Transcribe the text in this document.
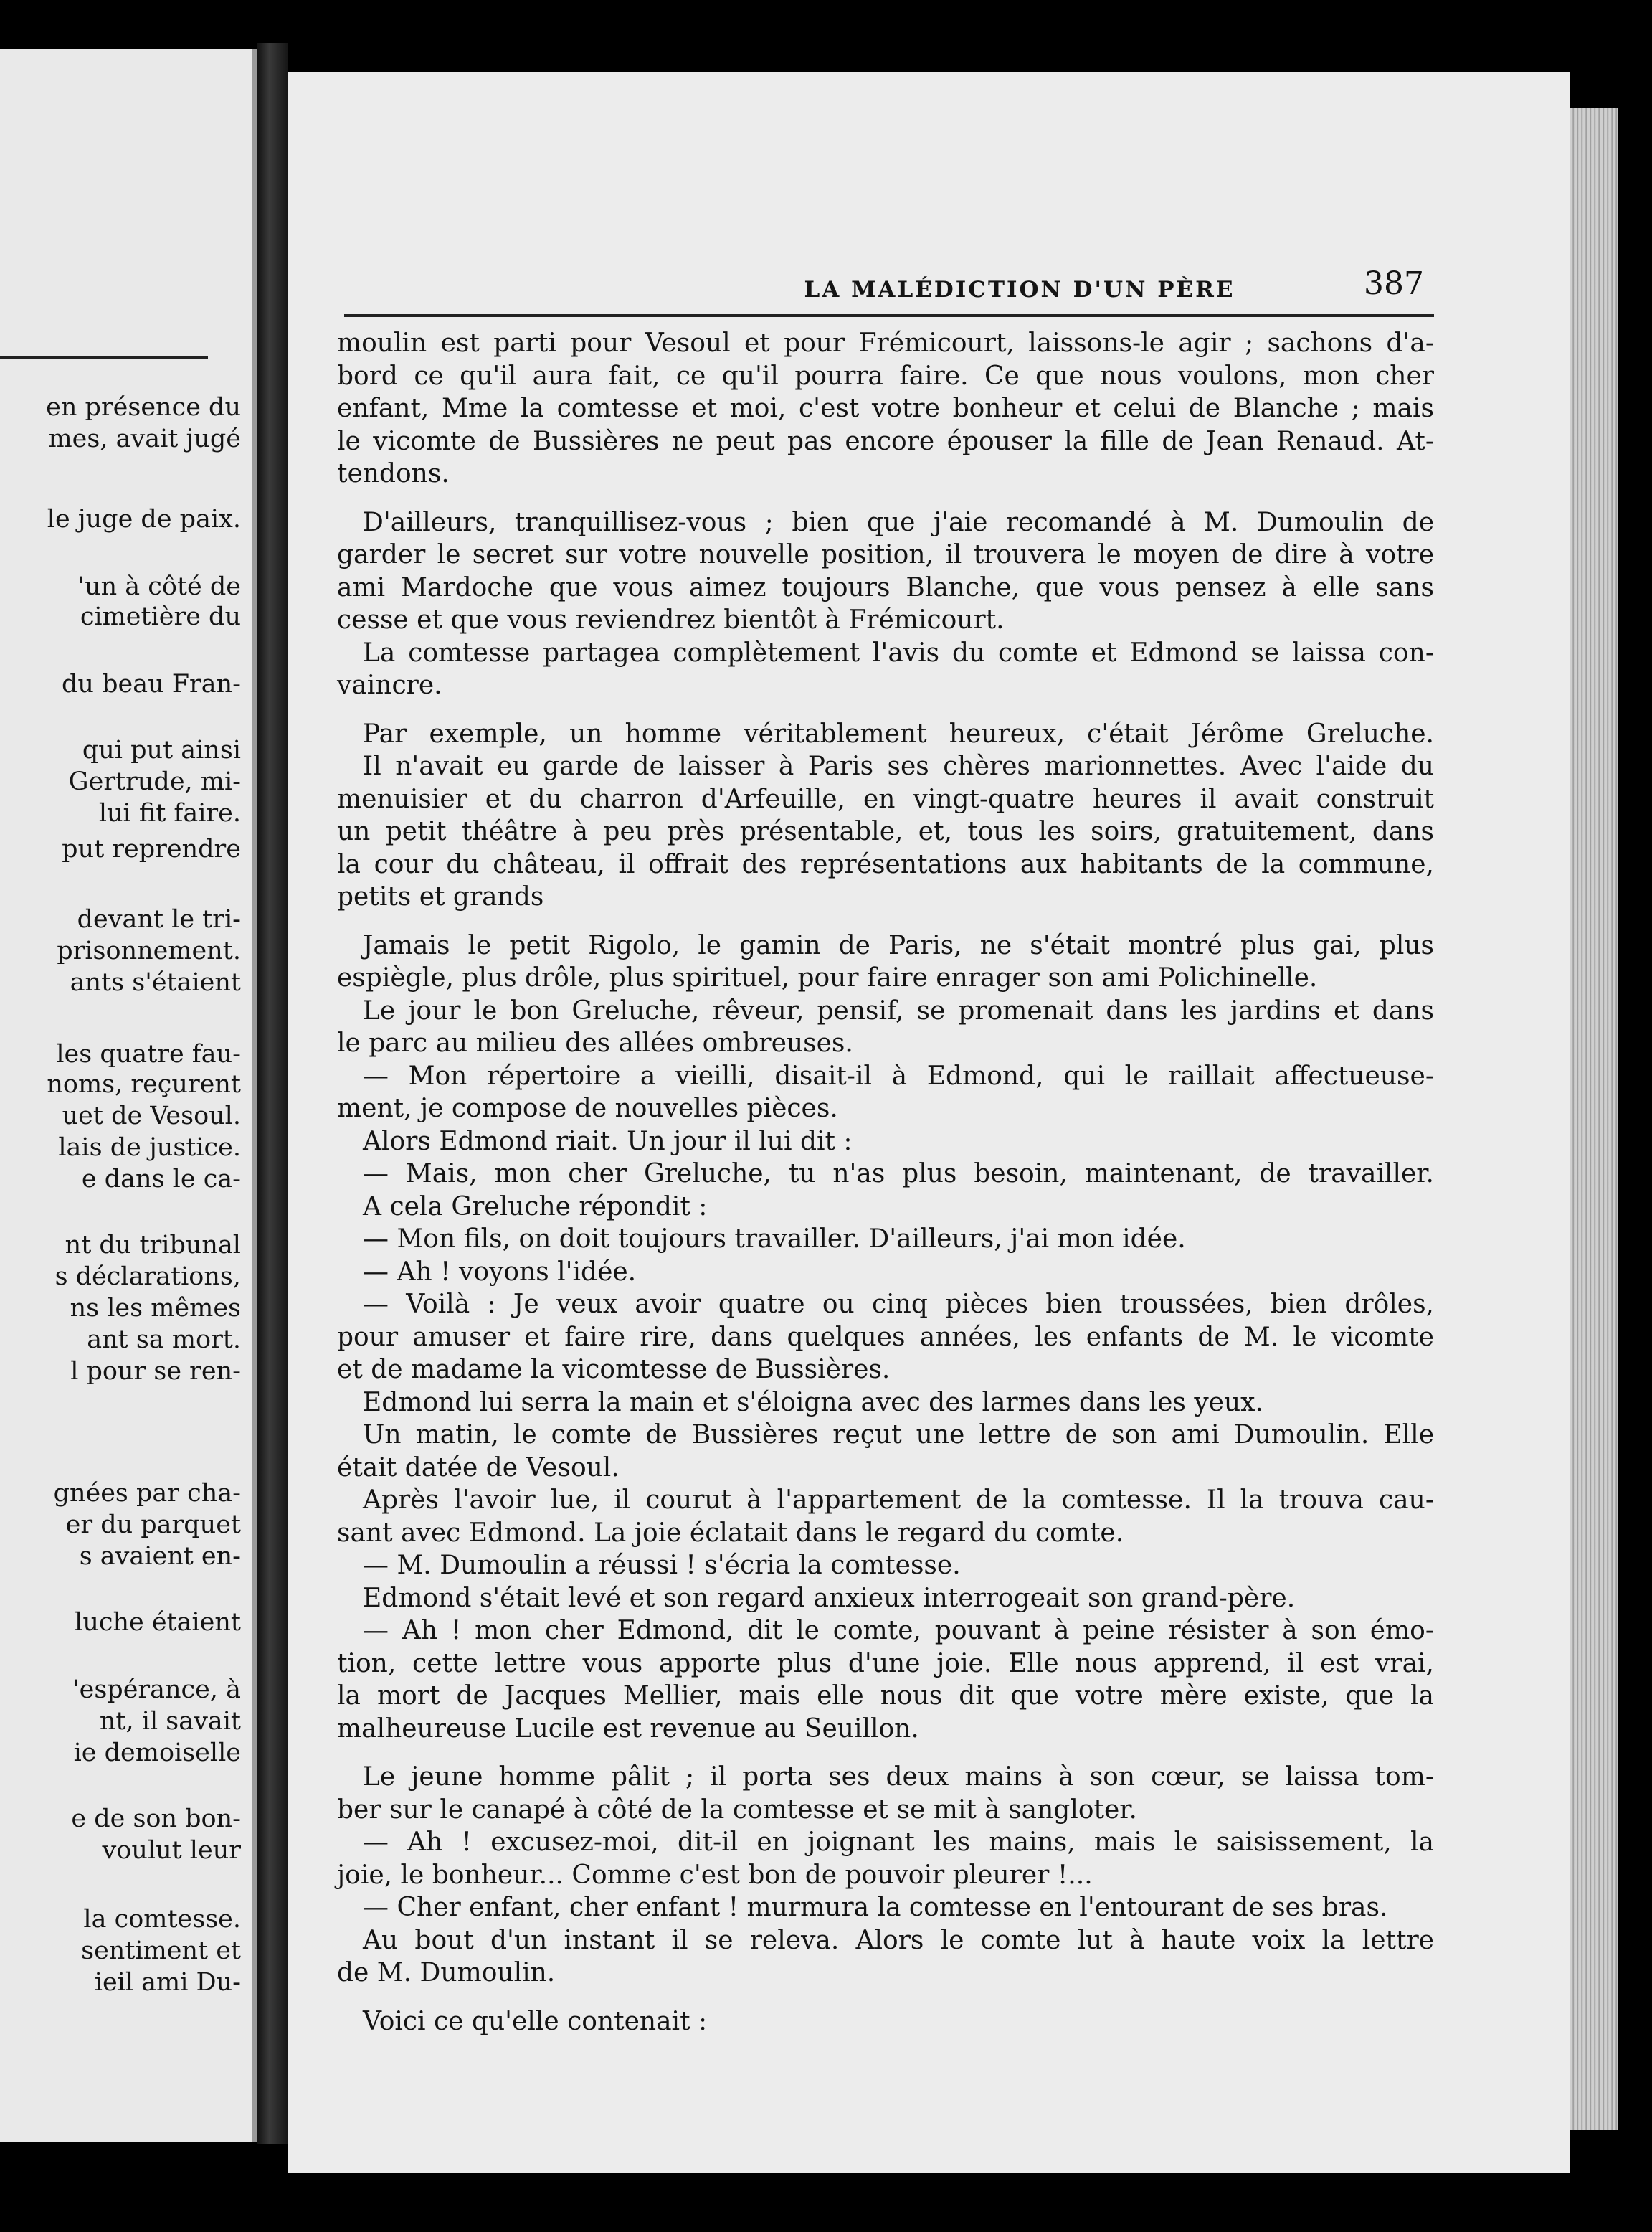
en présence du
mes, avait jugé
le juge de paix.
'un à côté de
cimetière du
du beau Fran-
qui put ainsi
Gertrude, mi-
lui fit faire.
put reprendre
devant le tri-
prisonnement.
ants s'étaient
les quatre fau-
noms, reçurent
uet de Vesoul.
lais de justice.
e dans le ca-
nt du tribunal
s déclarations,
ns les mêmes
ant sa mort.
l pour se ren-
gnées par cha-
er du parquet
s avaient en-
luche étaient
'espérance, à
nt, il savait
ie demoiselle
e de son bon-
voulut leur
la comtesse.
sentiment et
ieil ami Du-
LA MALÉDICTION D'UN PÈRE	387
moulin est parti pour Vesoul et pour Frémicourt, laissons-le agir ; sachons d'a-
bord ce qu'il aura fait, ce qu'il pourra faire. Ce que nous voulons, mon cher
enfant, Mme la comtesse et moi, c'est votre bonheur et celui de Blanche ; mais
le vicomte de Bussières ne peut pas encore épouser la fille de Jean Renaud. At-
tendons.
D'ailleurs, tranquillisez-vous ; bien que j'aie recomandé à M. Dumoulin de
garder le secret sur votre nouvelle position, il trouvera le moyen de dire à votre
ami Mardoche que vous aimez toujours Blanche, que vous pensez à elle sans
cesse et que vous reviendrez bientôt à Frémicourt.
La comtesse partagea complètement l'avis du comte et Edmond se laissa con-
vaincre.
Par exemple, un homme véritablement heureux, c'était Jérôme Greluche.
Il n'avait eu garde de laisser à Paris ses chères marionnettes. Avec l'aide du
menuisier et du charron d'Arfeuille, en vingt-quatre heures il avait construit
un petit théâtre à peu près présentable, et, tous les soirs, gratuitement, dans
la cour du château, il offrait des représentations aux habitants de la commune,
petits et grands
Jamais le petit Rigolo, le gamin de Paris, ne s'était montré plus gai, plus
espiègle, plus drôle, plus spirituel, pour faire enrager son ami Polichinelle.
Le jour le bon Greluche, rêveur, pensif, se promenait dans les jardins et dans
le parc au milieu des allées ombreuses.
— Mon répertoire a vieilli, disait-il à Edmond, qui le raillait affectueuse-
ment, je compose de nouvelles pièces.
Alors Edmond riait. Un jour il lui dit :
— Mais, mon cher Greluche, tu n'as plus besoin, maintenant, de travailler.
A cela Greluche répondit :
— Mon fils, on doit toujours travailler. D'ailleurs, j'ai mon idée.
— Ah ! voyons l'idée.
— Voilà : Je veux avoir quatre ou cinq pièces bien troussées, bien drôles,
pour amuser et faire rire, dans quelques années, les enfants de M. le vicomte
et de madame la vicomtesse de Bussières.
Edmond lui serra la main et s'éloigna avec des larmes dans les yeux.
Un matin, le comte de Bussières reçut une lettre de son ami Dumoulin. Elle
était datée de Vesoul.
Après l'avoir lue, il courut à l'appartement de la comtesse. Il la trouva cau-
sant avec Edmond. La joie éclatait dans le regard du comte.
— M. Dumoulin a réussi ! s'écria la comtesse.
Edmond s'était levé et son regard anxieux interrogeait son grand-père.
— Ah ! mon cher Edmond, dit le comte, pouvant à peine résister à son émo-
tion, cette lettre vous apporte plus d'une joie. Elle nous apprend, il est vrai,
la mort de Jacques Mellier, mais elle nous dit que votre mère existe, que la
malheureuse Lucile est revenue au Seuillon.
Le jeune homme pâlit ; il porta ses deux mains à son cœur, se laissa tom-
ber sur le canapé à côté de la comtesse et se mit à sangloter.
— Ah ! excusez-moi, dit-il en joignant les mains, mais le saisissement, la
joie, le bonheur... Comme c'est bon de pouvoir pleurer !...
— Cher enfant, cher enfant ! murmura la comtesse en l'entourant de ses bras.
Au bout d'un instant il se releva. Alors le comte lut à haute voix la lettre
de M. Dumoulin.
Voici ce qu'elle contenait :
